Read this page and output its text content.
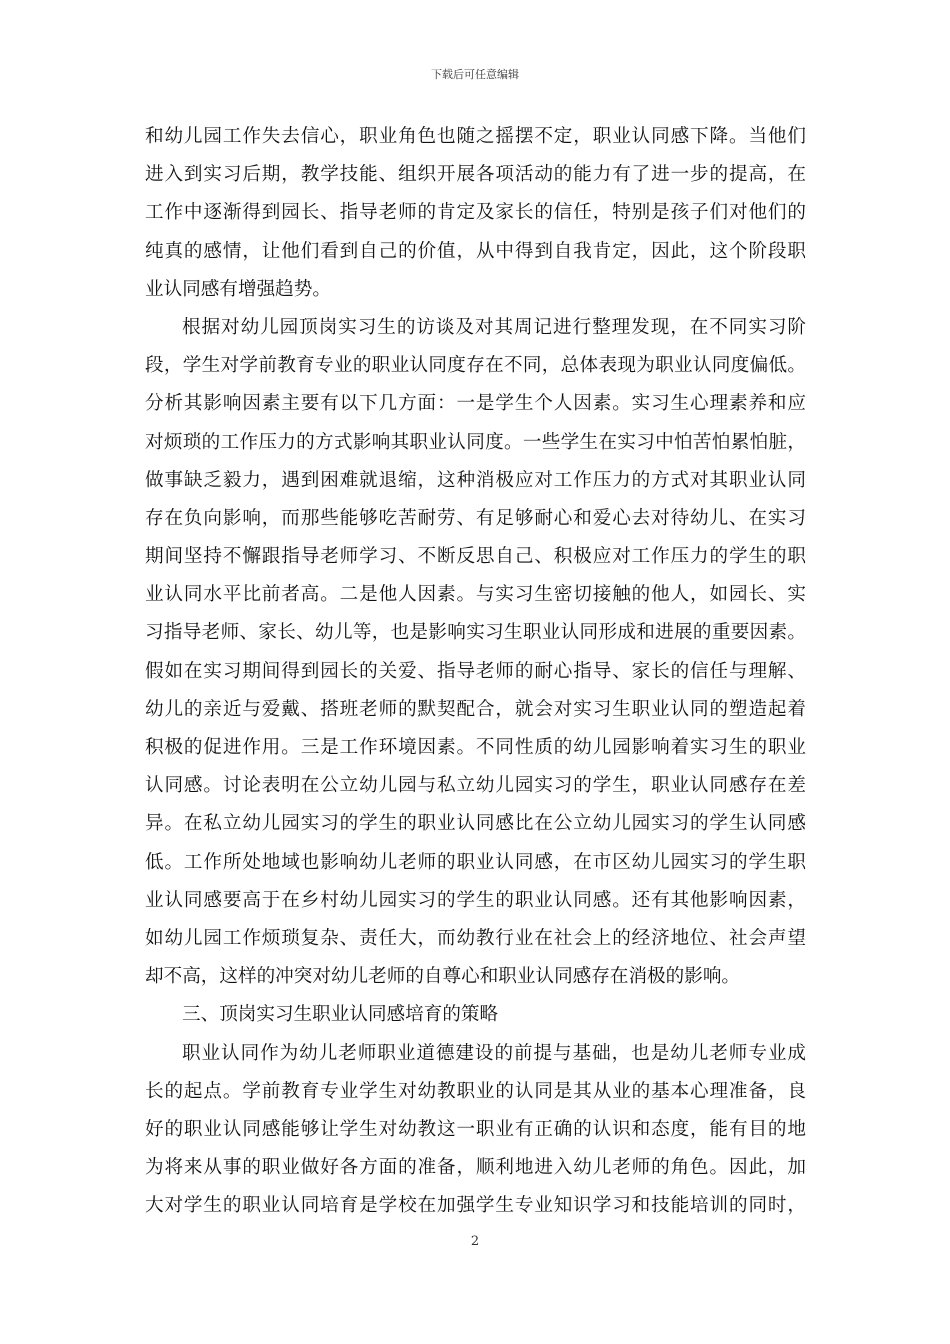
下载后可任意编辑
和幼儿园工作失去信心，职业角色也随之摇摆不定，职业认同感下降。当他们
进入到实习后期，教学技能、组织开展各项活动的能力有了进一步的提高，在
工作中逐渐得到园长、指导老师的肯定及家长的信任，特别是孩子们对他们的
纯真的感情，让他们看到自己的价值，从中得到自我肯定，因此，这个阶段职
业认同感有增强趋势。
根据对幼儿园顶岗实习生的访谈及对其周记进行整理发现，在不同实习阶
段，学生对学前教育专业的职业认同度存在不同，总体表现为职业认同度偏低。
分析其影响因素主要有以下几方面：一是学生个人因素。实习生心理素养和应
对烦琐的工作压力的方式影响其职业认同度。一些学生在实习中怕苦怕累怕脏，
做事缺乏毅力，遇到困难就退缩，这种消极应对工作压力的方式对其职业认同
存在负向影响，而那些能够吃苦耐劳、有足够耐心和爱心去对待幼儿、在实习
期间坚持不懈跟指导老师学习、不断反思自己、积极应对工作压力的学生的职
业认同水平比前者高。二是他人因素。与实习生密切接触的他人，如园长、实
习指导老师、家长、幼儿等，也是影响实习生职业认同形成和进展的重要因素。
假如在实习期间得到园长的关爱、指导老师的耐心指导、家长的信任与理解、
幼儿的亲近与爱戴、搭班老师的默契配合，就会对实习生职业认同的塑造起着
积极的促进作用。三是工作环境因素。不同性质的幼儿园影响着实习生的职业
认同感。讨论表明在公立幼儿园与私立幼儿园实习的学生，职业认同感存在差
异。在私立幼儿园实习的学生的职业认同感比在公立幼儿园实习的学生认同感
低。工作所处地域也影响幼儿老师的职业认同感，在市区幼儿园实习的学生职
业认同感要高于在乡村幼儿园实习的学生的职业认同感。还有其他影响因素，
如幼儿园工作烦琐复杂、责任大，而幼教行业在社会上的经济地位、社会声望
却不高，这样的冲突对幼儿老师的自尊心和职业认同感存在消极的影响。
三、顶岗实习生职业认同感培育的策略
职业认同作为幼儿老师职业道德建设的前提与基础，也是幼儿老师专业成
长的起点。学前教育专业学生对幼教职业的认同是其从业的基本心理准备，良
好的职业认同感能够让学生对幼教这一职业有正确的认识和态度，能有目的地
为将来从事的职业做好各方面的准备，顺利地进入幼儿老师的角色。因此，加
大对学生的职业认同培育是学校在加强学生专业知识学习和技能培训的同时，
2
